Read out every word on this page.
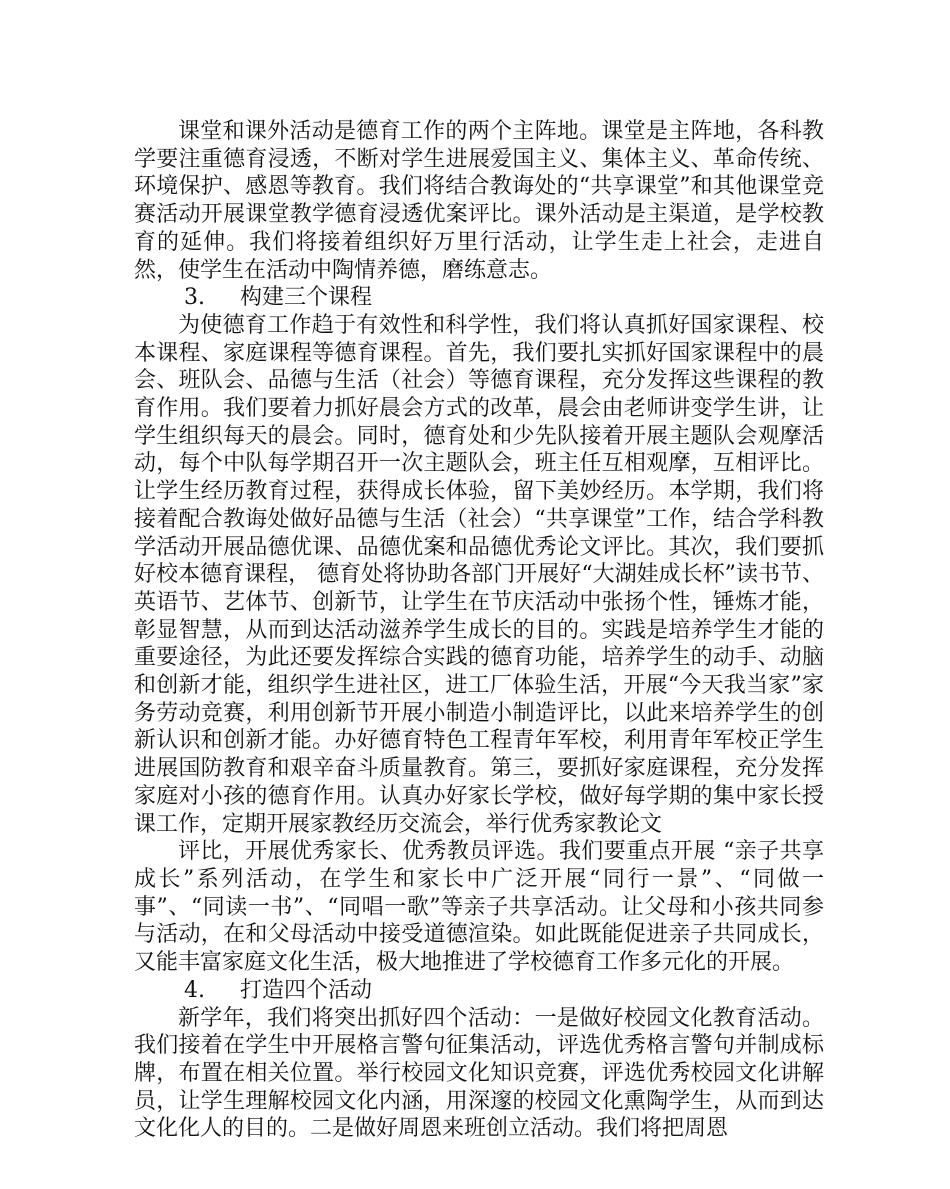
课堂和课外活动是德育工作的两个主阵地。课堂是主阵地，各科教学要注重德育浸透，不断对学生进展爱国主义、集体主义、革命传统、环境保护、感恩等教育。我们将结合教诲处的“共享课堂”和其他课堂竞赛活动开展课堂教学德育浸透优案评比。课外活动是主渠道，是学校教育的延伸。我们将接着组织好万里行活动，让学生走上社会，走进自然，使学生在活动中陶情养德，磨练意志。

3. 构建三个课程

为使德育工作趋于有效性和科学性，我们将认真抓好国家课程、校本课程、家庭课程等德育课程。首先，我们要扎实抓好国家课程中的晨会、班队会、品德与生活（社会）等德育课程，充分发挥这些课程的教育作用。我们要着力抓好晨会方式的改革，晨会由老师讲变学生讲，让学生组织每天的晨会。同时，德育处和少先队接着开展主题队会观摩活动，每个中队每学期召开一次主题队会，班主任互相观摩，互相评比。让学生经历教育过程，获得成长体验，留下美妙经历。本学期，我们将接着配合教诲处做好品德与生活（社会）“共享课堂”工作，结合学科教学活动开展品德优课、品德优案和品德优秀论文评比。其次，我们要抓好校本德育课程， 德育处将协助各部门开展好“大湖娃成长杯”读书节、英语节、艺体节、创新节，让学生在节庆活动中张扬个性，锤炼才能，彰显智慧，从而到达活动滋养学生成长的目的。实践是培养学生才能的重要途径，为此还要发挥综合实践的德育功能，培养学生的动手、动脑和创新才能，组织学生进社区，进工厂体验生活，开展“今天我当家”家务劳动竞赛，利用创新节开展小制造小制造评比，以此来培养学生的创新认识和创新才能。办好德育特色工程青年军校，利用青年军校正学生进展国防教育和艰辛奋斗质量教育。第三，要抓好家庭课程，充分发挥家庭对小孩的德育作用。认真办好家长学校，做好每学期的集中家长授课工作，定期开展家教经历交流会，举行优秀家教论文

评比，开展优秀家长、优秀教员评选。我们要重点开展 “亲子共享成长”系列活动，在学生和家长中广泛开展“同行一景”、“同做一事”、“同读一书”、“同唱一歌”等亲子共享活动。让父母和小孩共同参与活动，在和父母活动中接受道德渲染。如此既能促进亲子共同成长，又能丰富家庭文化生活，极大地推进了学校德育工作多元化的开展。

4. 打造四个活动

新学年，我们将突出抓好四个活动：一是做好校园文化教育活动。我们接着在学生中开展格言警句征集活动，评选优秀格言警句并制成标牌，布置在相关位置。举行校园文化知识竞赛，评选优秀校园文化讲解员，让学生理解校园文化内涵，用深邃的校园文化熏陶学生，从而到达文化化人的目的。二是做好周恩来班创立活动。我们将把周恩
